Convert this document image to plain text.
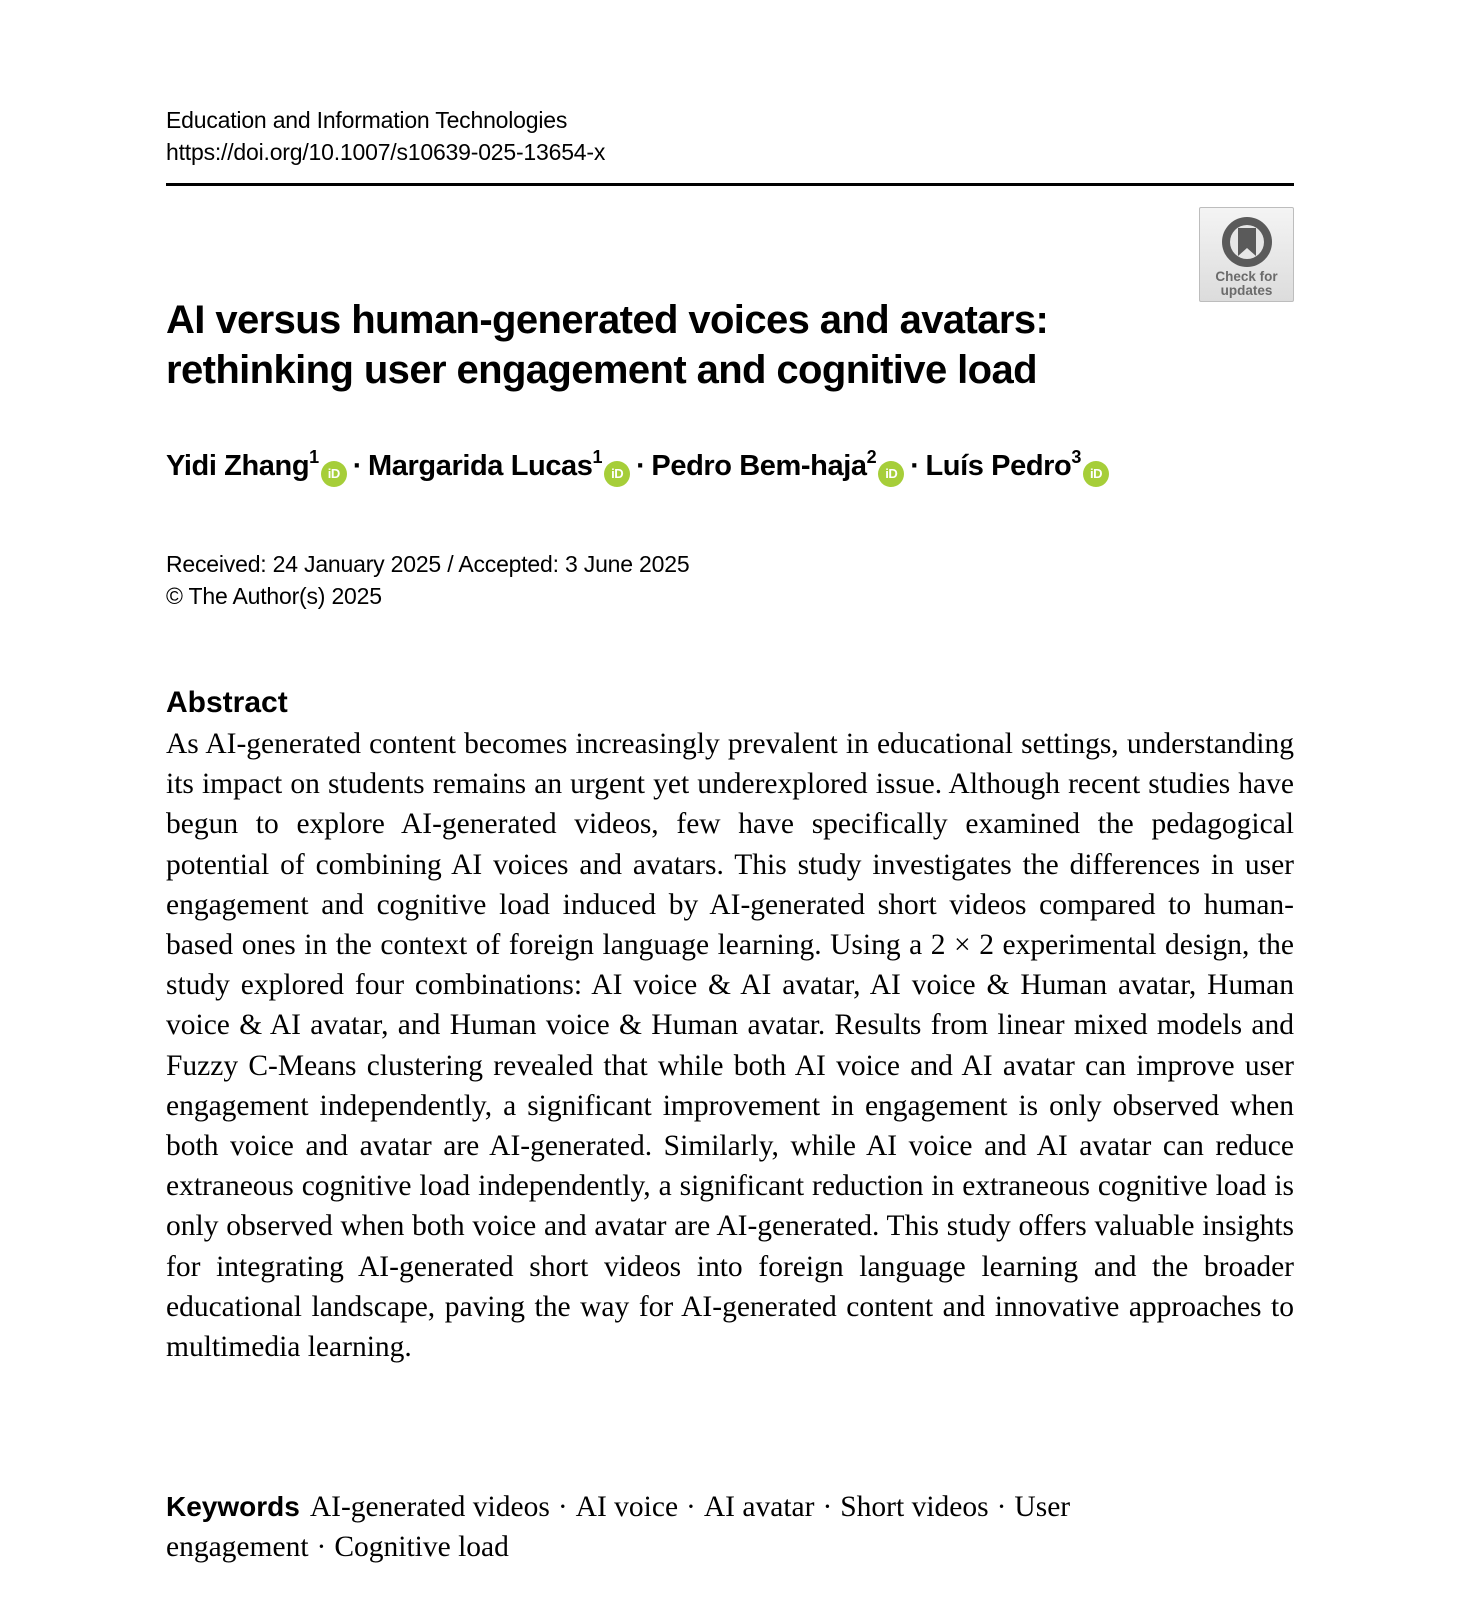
Education and Information Technologies
https://doi.org/10.1007/s10639-025-13654-x
Check for
updates
AI versus human-generated voices and avatars: rethinking user engagement and cognitive load
Yidi Zhang$^1$iD · Margarida Lucas$^1$iD · Pedro Bem-haja$^2$iD · Luís Pedro$^3$iD
Received: 24 January 2025 / Accepted: 3 June 2025
© The Author(s) 2025
Abstract
As AI-generated content becomes increasingly prevalent in educational settings, understanding its impact on students remains an urgent yet underexplored issue. Although recent studies have begun to explore AI-generated videos, few have specifically examined the pedagogical potential of combining AI voices and avatars. This study investigates the differences in user engagement and cognitive load induced by AI-generated short videos compared to human-based ones in the context of foreign language learning. Using a 2 × 2 experimental design, the study explored four combinations: AI voice & AI avatar, AI voice & Human avatar, Human voice & AI avatar, and Human voice & Human avatar. Results from linear mixed models and Fuzzy C-Means clustering revealed that while both AI voice and AI avatar can improve user engagement independently, a significant improvement in engagement is only observed when both voice and avatar are AI-generated. Similarly, while AI voice and AI avatar can reduce extraneous cognitive load independently, a significant reduction in extraneous cognitive load is only observed when both voice and avatar are AI-generated. This study offers valuable insights for integrating AI-generated short videos into foreign language learning and the broader educational landscape, paving the way for AI-generated content and innovative approaches to multimedia learning.
Keywords AI-generated videos · AI voice · AI avatar · Short videos · User engagement · Cognitive load
